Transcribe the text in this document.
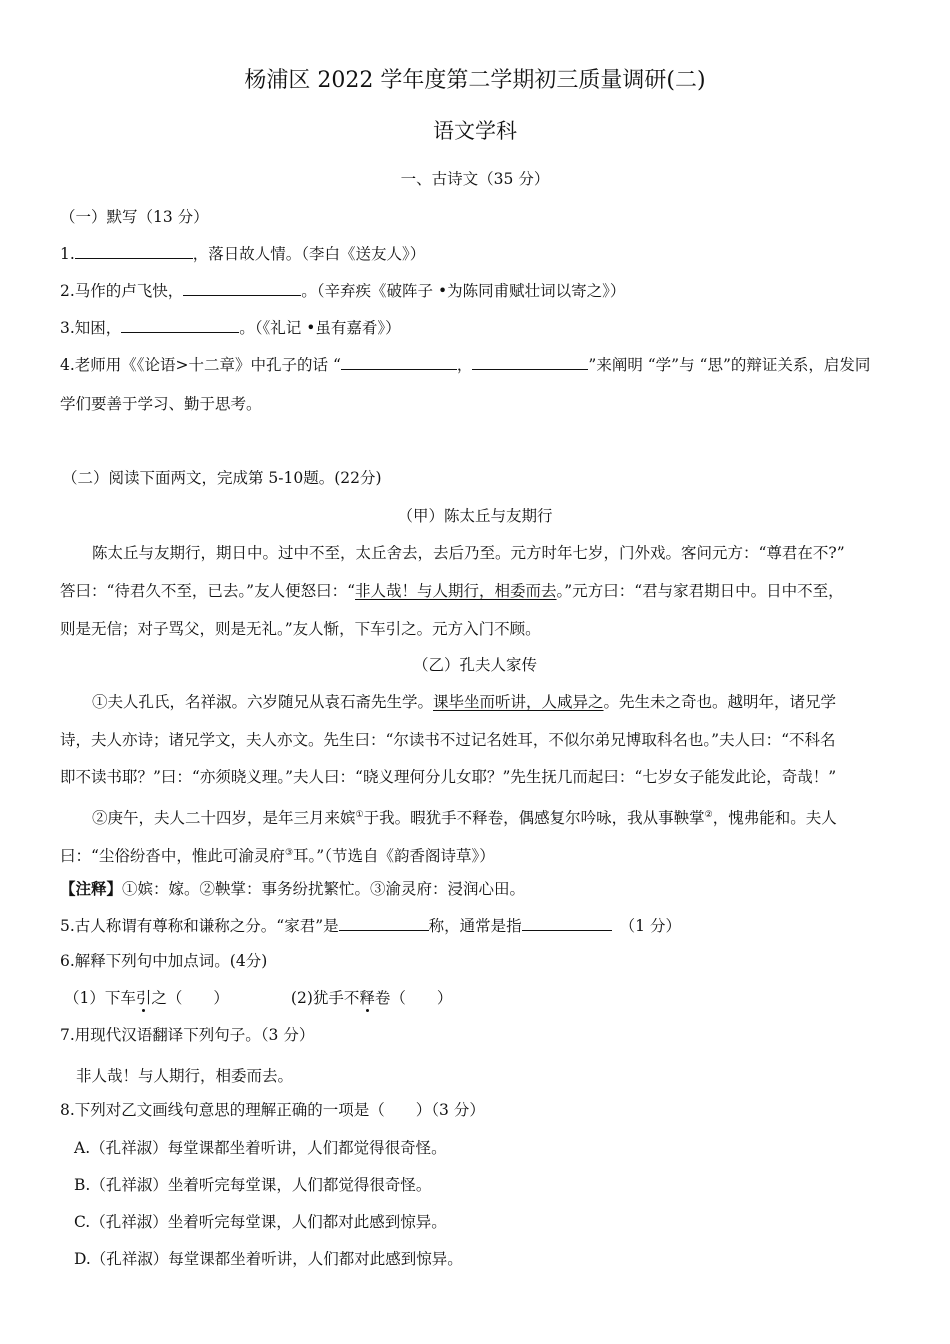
杨浦区 2022 学年度第二学期初三质量调研(二)
语文学科
一、古诗文（35 分）
（一）默写（13 分）
1.	，落日故人情。（李白《送友人》）
2.马作的卢飞快，	。（辛弃疾《破阵子 •为陈同甫赋壮词以寄之》）
3.知困，	。（《礼记 •虽有嘉肴》）
4.老师用《《论语>十二章》中孔子的话 “	，	”来阐明 “学”与 “思”的辩证关系，启发同
学们要善于学习、勤于思考。
（二）阅读下面两文，完成第 5-10题。(22分)
（甲）陈太丘与友期行
陈太丘与友期行，期日中。过中不至，太丘舍去，去后乃至。元方时年七岁，门外戏。客问元方：“尊君在不?”
答曰：“待君久不至，已去。”友人便怒曰：“非人哉！与人期行，相委而去。”元方曰：“君与家君期日中。日中不至，
则是无信；对子骂父，则是无礼。”友人惭，下车引之。元方入门不顾。
（乙）孔夫人家传
①夫人孔氏，名祥淑。六岁随兄从袁石斋先生学。课毕坐而听讲，人咸异之。先生未之奇也。越明年，诸兄学
诗，夫人亦诗；诸兄学文，夫人亦文。先生曰：“尔读书不过记名姓耳，不似尔弟兄博取科名也。”夫人曰：“不科名
即不读书耶？”曰：“亦须晓义理。”夫人曰：“晓义理何分儿女耶？”先生抚几而起曰：“七岁女子能发此论，奇哉！”
②庚午，夫人二十四岁，是年三月来嫔①于我。暇犹手不释卷，偶感复尔吟咏，我从事鞅掌②，愧弗能和。夫人
曰：“尘俗纷沓中，惟此可渝灵府③耳。”（节选自《韵香阁诗草》）
【注释】①嫔：嫁。②鞅掌：事务纷扰繁忙。③渝灵府：浸润心田。
5.古人称谓有尊称和谦称之分。“家君”是	称，通常是指	（1 分）
6.解释下列句中加点词。(4分)
（1）下车引之（　　）	(2)犹手不释卷（　　）
7.用现代汉语翻译下列句子。（3 分）
非人哉！与人期行，相委而去。
8.下列对乙文画线句意思的理解正确的一项是（　　）（3 分）
A.（孔祥淑）每堂课都坐着听讲，人们都觉得很奇怪。
B.（孔祥淑）坐着听完每堂课，人们都觉得很奇怪。
C.（孔祥淑）坐着听完每堂课，人们都对此感到惊异。
D.（孔祥淑）每堂课都坐着听讲，人们都对此感到惊异。
